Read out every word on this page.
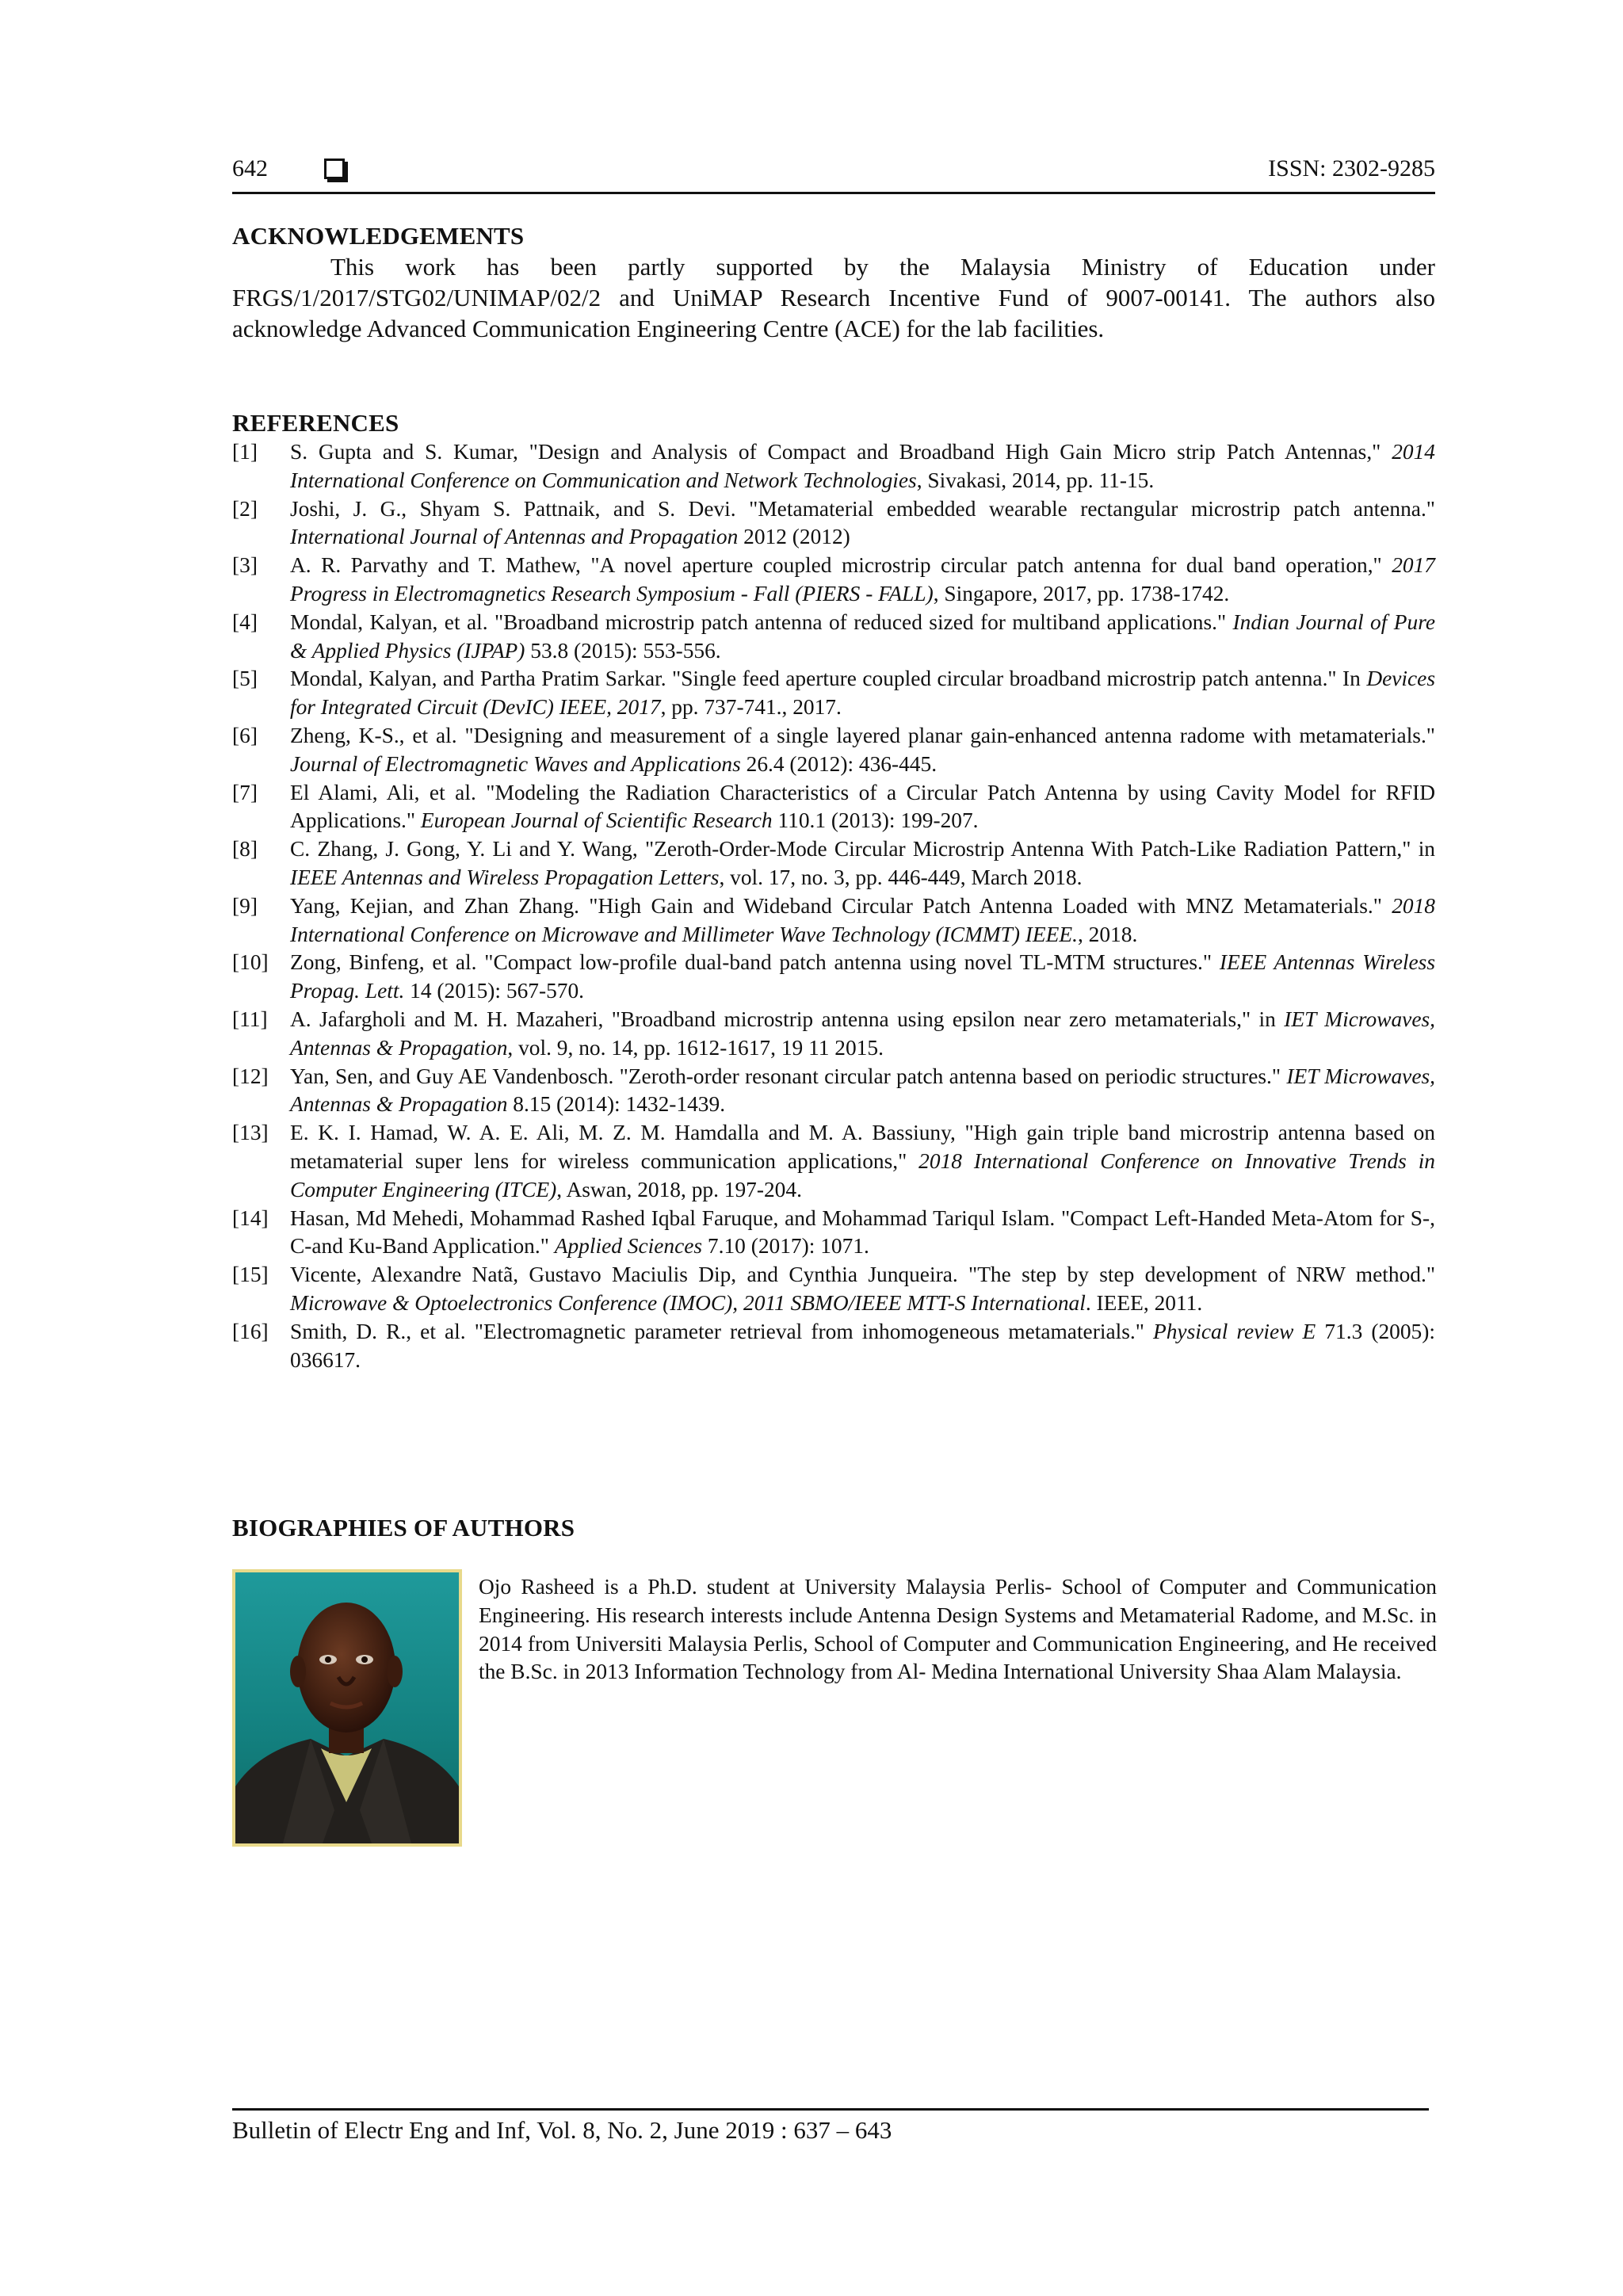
642	ISSN: 2302-9285
ACKNOWLEDGEMENTS

This work has been partly supported by the Malaysia Ministry of Education under FRGS/1/2017/STG02/UNIMAP/02/2 and UniMAP Research Incentive Fund of 9007-00141. The authors also acknowledge Advanced Communication Engineering Centre (ACE) for the lab facilities.

REFERENCES
[1] S. Gupta and S. Kumar, "Design and Analysis of Compact and Broadband High Gain Micro strip Patch Antennas," 2014 International Conference on Communication and Network Technologies, Sivakasi, 2014, pp. 11-15.
[2] Joshi, J. G., Shyam S. Pattnaik, and S. Devi. "Metamaterial embedded wearable rectangular microstrip patch antenna." International Journal of Antennas and Propagation 2012 (2012)
[3] A. R. Parvathy and T. Mathew, "A novel aperture coupled microstrip circular patch antenna for dual band operation," 2017 Progress in Electromagnetics Research Symposium - Fall (PIERS - FALL), Singapore, 2017, pp. 1738-1742.
[4] Mondal, Kalyan, et al. "Broadband microstrip patch antenna of reduced sized for multiband applications." Indian Journal of Pure & Applied Physics (IJPAP) 53.8 (2015): 553-556.
[5] Mondal, Kalyan, and Partha Pratim Sarkar. "Single feed aperture coupled circular broadband microstrip patch antenna." In Devices for Integrated Circuit (DevIC) IEEE, 2017, pp. 737-741., 2017.
[6] Zheng, K-S., et al. "Designing and measurement of a single layered planar gain-enhanced antenna radome with metamaterials." Journal of Electromagnetic Waves and Applications 26.4 (2012): 436-445.
[7] El Alami, Ali, et al. "Modeling the Radiation Characteristics of a Circular Patch Antenna by using Cavity Model for RFID Applications." European Journal of Scientific Research 110.1 (2013): 199-207.
[8] C. Zhang, J. Gong, Y. Li and Y. Wang, "Zeroth-Order-Mode Circular Microstrip Antenna With Patch-Like Radiation Pattern," in IEEE Antennas and Wireless Propagation Letters, vol. 17, no. 3, pp. 446-449, March 2018.
[9] Yang, Kejian, and Zhan Zhang. "High Gain and Wideband Circular Patch Antenna Loaded with MNZ Metamaterials." 2018 International Conference on Microwave and Millimeter Wave Technology (ICMMT) IEEE., 2018.
[10] Zong, Binfeng, et al. "Compact low-profile dual-band patch antenna using novel TL-MTM structures." IEEE Antennas Wireless Propag. Lett. 14 (2015): 567-570.
[11] A. Jafargholi and M. H. Mazaheri, "Broadband microstrip antenna using epsilon near zero metamaterials," in IET Microwaves, Antennas & Propagation, vol. 9, no. 14, pp. 1612-1617, 19 11 2015.
[12] Yan, Sen, and Guy AE Vandenbosch. "Zeroth-order resonant circular patch antenna based on periodic structures." IET Microwaves, Antennas & Propagation 8.15 (2014): 1432-1439.
[13] E. K. I. Hamad, W. A. E. Ali, M. Z. M. Hamdalla and M. A. Bassiuny, "High gain triple band microstrip antenna based on metamaterial super lens for wireless communication applications," 2018 International Conference on Innovative Trends in Computer Engineering (ITCE), Aswan, 2018, pp. 197-204.
[14] Hasan, Md Mehedi, Mohammad Rashed Iqbal Faruque, and Mohammad Tariqul Islam. "Compact Left-Handed Meta-Atom for S-, C-and Ku-Band Application." Applied Sciences 7.10 (2017): 1071.
[15] Vicente, Alexandre Natã, Gustavo Maciulis Dip, and Cynthia Junqueira. "The step by step development of NRW method." Microwave & Optoelectronics Conference (IMOC), 2011 SBMO/IEEE MTT-S International. IEEE, 2011.
[16] Smith, D. R., et al. "Electromagnetic parameter retrieval from inhomogeneous metamaterials." Physical review E 71.3 (2005): 036617.
BIOGRAPHIES OF AUTHORS

Ojo Rasheed is a Ph.D. student at University Malaysia Perlis- School of Computer and Communication Engineering. His research interests include Antenna Design Systems and Metamaterial Radome, and M.Sc. in 2014 from Universiti Malaysia Perlis, School of Computer and Communication Engineering, and He received the B.Sc. in 2013 Information Technology from Al- Medina International University Shaa Alam Malaysia.

Bulletin of Electr Eng and Inf, Vol. 8, No. 2, June 2019 : 637 – 643
